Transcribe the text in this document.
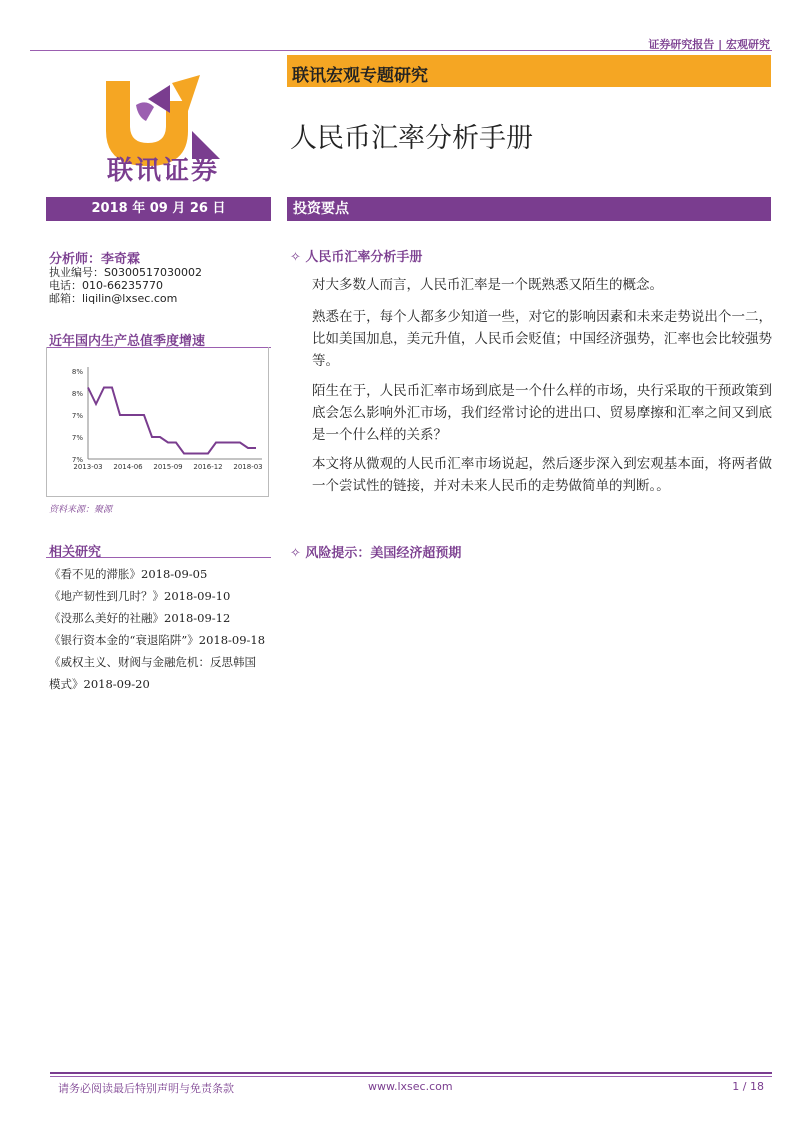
证券研究报告 | 宏观研究
联讯证券
联讯宏观专题研究
人民币汇率分析手册
2018 年 09 月 26 日	投资要点
分析师：李奇霖
执业编号：S0300517030002
电话：010-66235770
邮箱：liqilin@lxsec.com
近年国内生产总值季度增速
8%
8%
7%
7%
7%
2013-03 2014-06 2015-09 2016-12 2018-03
资料来源：聚源
相关研究
《看不见的滞胀》2018-09-05
《地产韧性到几时？》2018-09-10
《没那么美好的社融》2018-09-12
《银行资本金的“衰退陷阱”》2018-09-18
《威权主义、财阀与金融危机：反思韩国
模式》2018-09-20
✧ 人民币汇率分析手册
对大多数人而言，人民币汇率是一个既熟悉又陌生的概念。
熟悉在于，每个人都多少知道一些，对它的影响因素和未来走势说出个一二，比如美国加息，美元升值，人民币会贬值；中国经济强势，汇率也会比较强势等。
陌生在于，人民币汇率市场到底是一个什么样的市场，央行采取的干预政策到底会怎么影响外汇市场，我们经常讨论的进出口、贸易摩擦和汇率之间又到底是一个什么样的关系？
本文将从微观的人民币汇率市场说起，然后逐步深入到宏观基本面，将两者做一个尝试性的链接，并对未来人民币的走势做简单的判断。。
✧ 风险提示：美国经济超预期
请务必阅读最后特别声明与免责条款	www.lxsec.com	1 / 18
